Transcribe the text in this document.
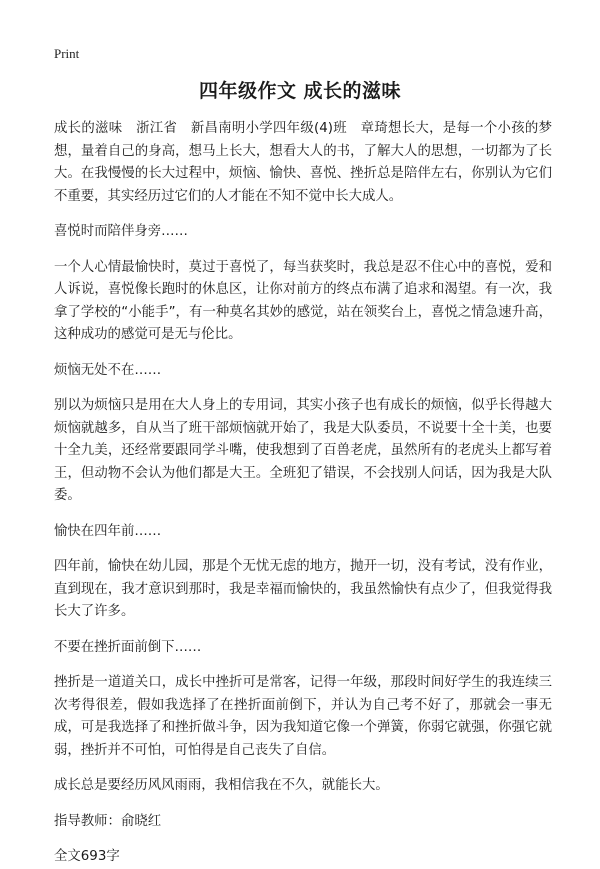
Print
四年级作文 成长的滋味

成长的滋味　浙江省　新昌南明小学四年级(4)班　章琦想长大，是每一个小孩的梦想，量着自己的身高，想马上长大，想看大人的书，了解大人的思想，一切都为了长大。在我慢慢的长大过程中，烦恼、愉快、喜悦、挫折总是陪伴左右，你别认为它们不重要，其实经历过它们的人才能在不知不觉中长大成人。

喜悦时而陪伴身旁……

一个人心情最愉快时，莫过于喜悦了，每当获奖时，我总是忍不住心中的喜悦，爱和人诉说，喜悦像长跑时的休息区，让你对前方的终点布满了追求和渴望。有一次，我拿了学校的“小能手”，有一种莫名其妙的感觉，站在领奖台上，喜悦之情急速升高，这种成功的感觉可是无与伦比。

烦恼无处不在……

别以为烦恼只是用在大人身上的专用词，其实小孩子也有成长的烦恼，似乎长得越大烦恼就越多，自从当了班干部烦恼就开始了，我是大队委员，不说要十全十美，也要十全九美，还经常要跟同学斗嘴，使我想到了百兽老虎，虽然所有的老虎头上都写着王，但动物不会认为他们都是大王。全班犯了错误，不会找别人问话，因为我是大队委。

愉快在四年前……

四年前，愉快在幼儿园，那是个无忧无虑的地方，抛开一切，没有考试，没有作业，直到现在，我才意识到那时，我是幸福而愉快的，我虽然愉快有点少了，但我觉得我长大了许多。

不要在挫折面前倒下……

挫折是一道道关口，成长中挫折可是常客，记得一年级，那段时间好学生的我连续三次考得很差，假如我选择了在挫折面前倒下，并认为自己考不好了，那就会一事无成，可是我选择了和挫折做斗争，因为我知道它像一个弹簧，你弱它就强，你强它就弱，挫折并不可怕，可怕得是自己丧失了自信。

成长总是要经历风风雨雨，我相信我在不久，就能长大。

指导教师：俞晓红

全文693字
